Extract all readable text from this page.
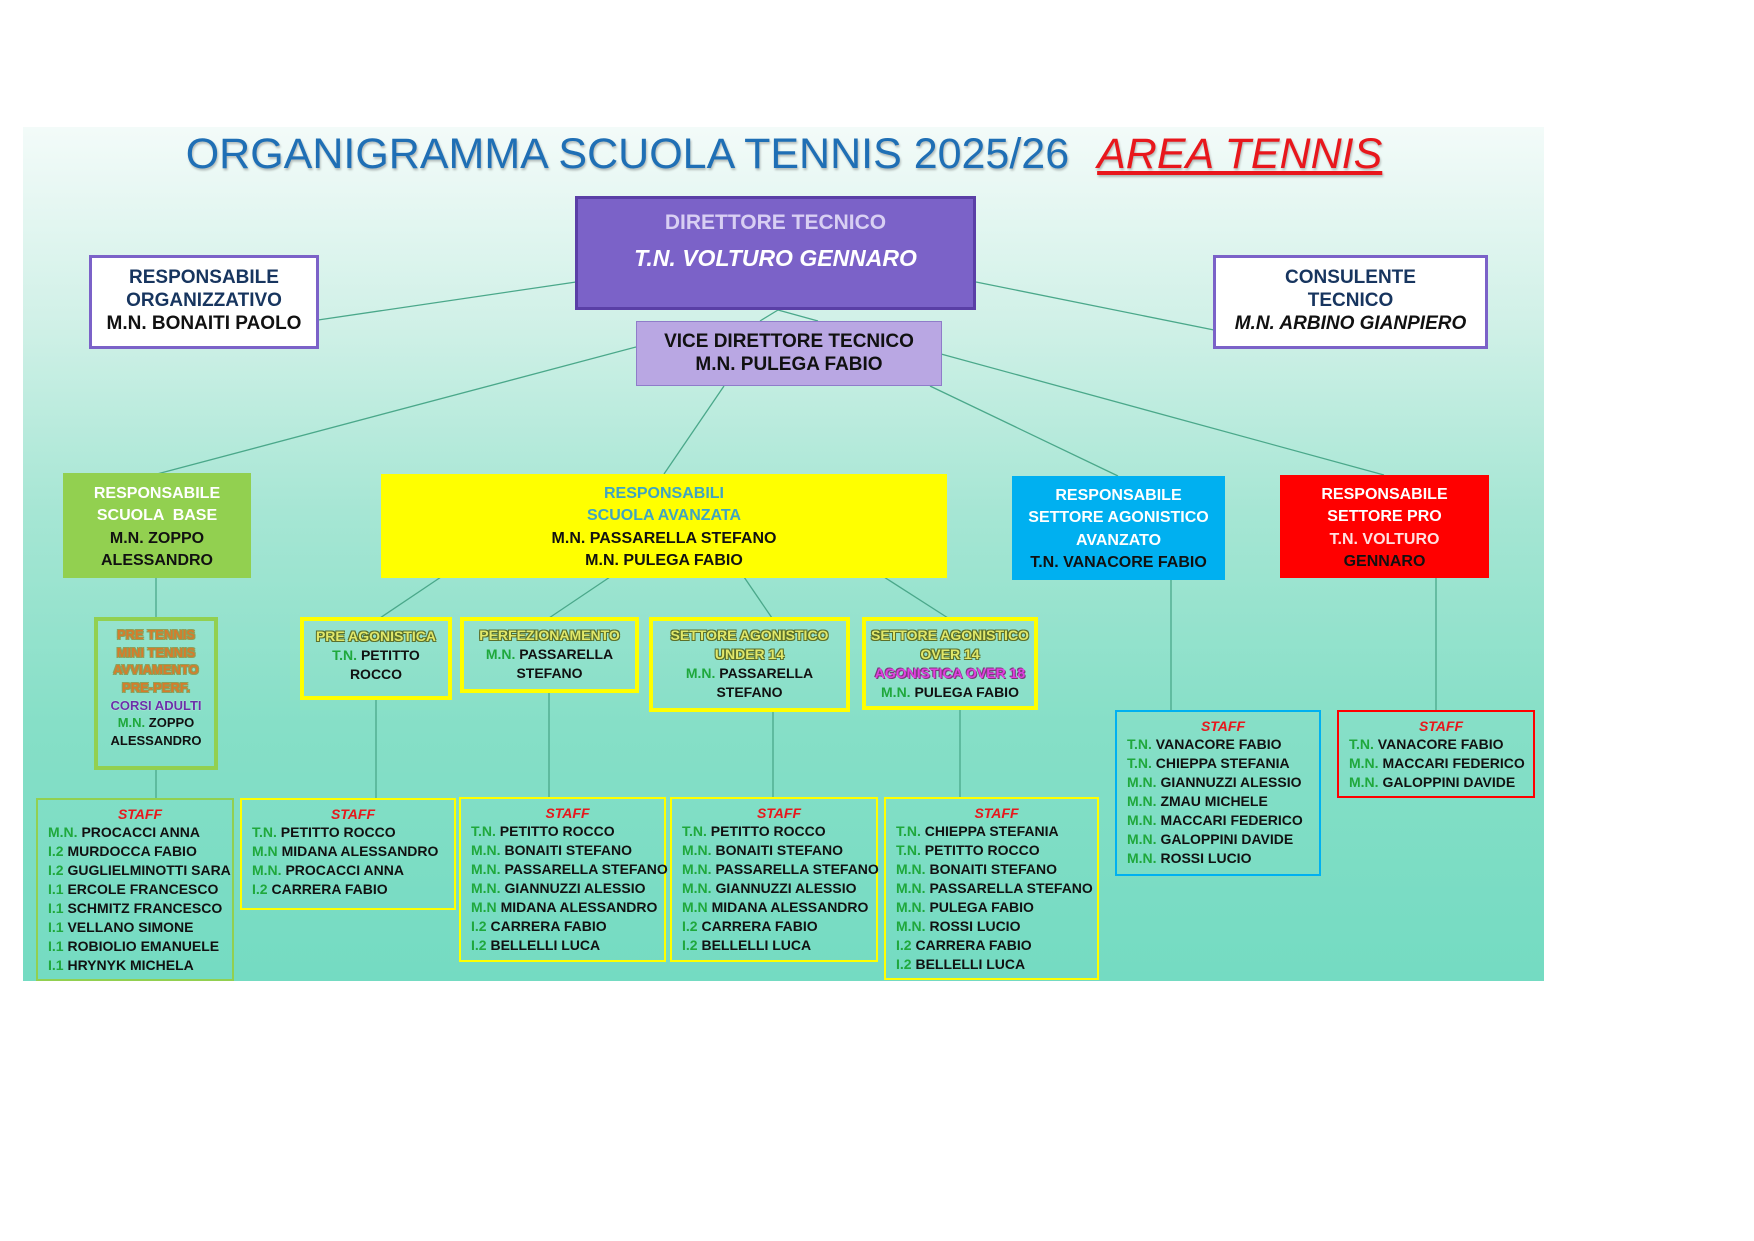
ORGANIGRAMMA SCUOLA TENNIS 2025/26 AREA TENNIS
DIRETTORE TECNICO
T.N. VOLTURO GENNARO
RESPONSABILE
ORGANIZZATIVO
M.N. BONAITI PAOLO
CONSULENTE
TECNICO
M.N. ARBINO GIANPIERO
VICE DIRETTORE TECNICO
M.N. PULEGA FABIO
RESPONSABILE
SCUOLA  BASE
M.N. ZOPPO
ALESSANDRO
RESPONSABILI
SCUOLA AVANZATA
M.N. PASSARELLA STEFANO
M.N. PULEGA FABIO
RESPONSABILE
SETTORE AGONISTICO
AVANZATO
T.N. VANACORE FABIO
RESPONSABILE
SETTORE PRO
T.N. VOLTURO
GENNARO
PRE TENNIS
MINI TENNIS
AVVIAMENTO
PRE-PERF.
CORSI ADULTI
M.N. ZOPPO
ALESSANDRO
PRE AGONISTICA
T.N. PETITTO
ROCCO
PERFEZIONAMENTO
M.N. PASSARELLA
STEFANO
SETTORE AGONISTICO
UNDER 14
M.N. PASSARELLA
STEFANO
SETTORE AGONISTICO
OVER 14
AGONISTICA OVER 18
M.N. PULEGA FABIO
STAFF
M.N. PROCACCI ANNA
I.2 MURDOCCA FABIO
I.2 GUGLIELMINOTTI SARA
I.1 ERCOLE FRANCESCO
I.1 SCHMITZ FRANCESCO
I.1 VELLANO SIMONE
I.1 ROBIOLIO EMANUELE
I.1 HRYNYK MICHELA
STAFF
T.N. PETITTO ROCCO
M.N MIDANA ALESSANDRO
M.N. PROCACCI ANNA
I.2 CARRERA FABIO
STAFF
T.N. PETITTO ROCCO
M.N. BONAITI STEFANO
M.N. PASSARELLA STEFANO
M.N. GIANNUZZI ALESSIO
M.N MIDANA ALESSANDRO
I.2 CARRERA FABIO
I.2 BELLELLI LUCA
STAFF
T.N. PETITTO ROCCO
M.N. BONAITI STEFANO
M.N. PASSARELLA STEFANO
M.N. GIANNUZZI ALESSIO
M.N MIDANA ALESSANDRO
I.2 CARRERA FABIO
I.2 BELLELLI LUCA
STAFF
T.N. CHIEPPA STEFANIA
T.N. PETITTO ROCCO
M.N. BONAITI STEFANO
M.N. PASSARELLA STEFANO
M.N. PULEGA FABIO
M.N. ROSSI LUCIO
I.2 CARRERA FABIO
I.2 BELLELLI LUCA
STAFF
T.N. VANACORE FABIO
T.N. CHIEPPA STEFANIA
M.N. GIANNUZZI ALESSIO
M.N. ZMAU MICHELE
M.N. MACCARI FEDERICO
M.N. GALOPPINI DAVIDE
M.N. ROSSI LUCIO
STAFF
T.N. VANACORE FABIO
M.N. MACCARI FEDERICO
M.N. GALOPPINI DAVIDE
